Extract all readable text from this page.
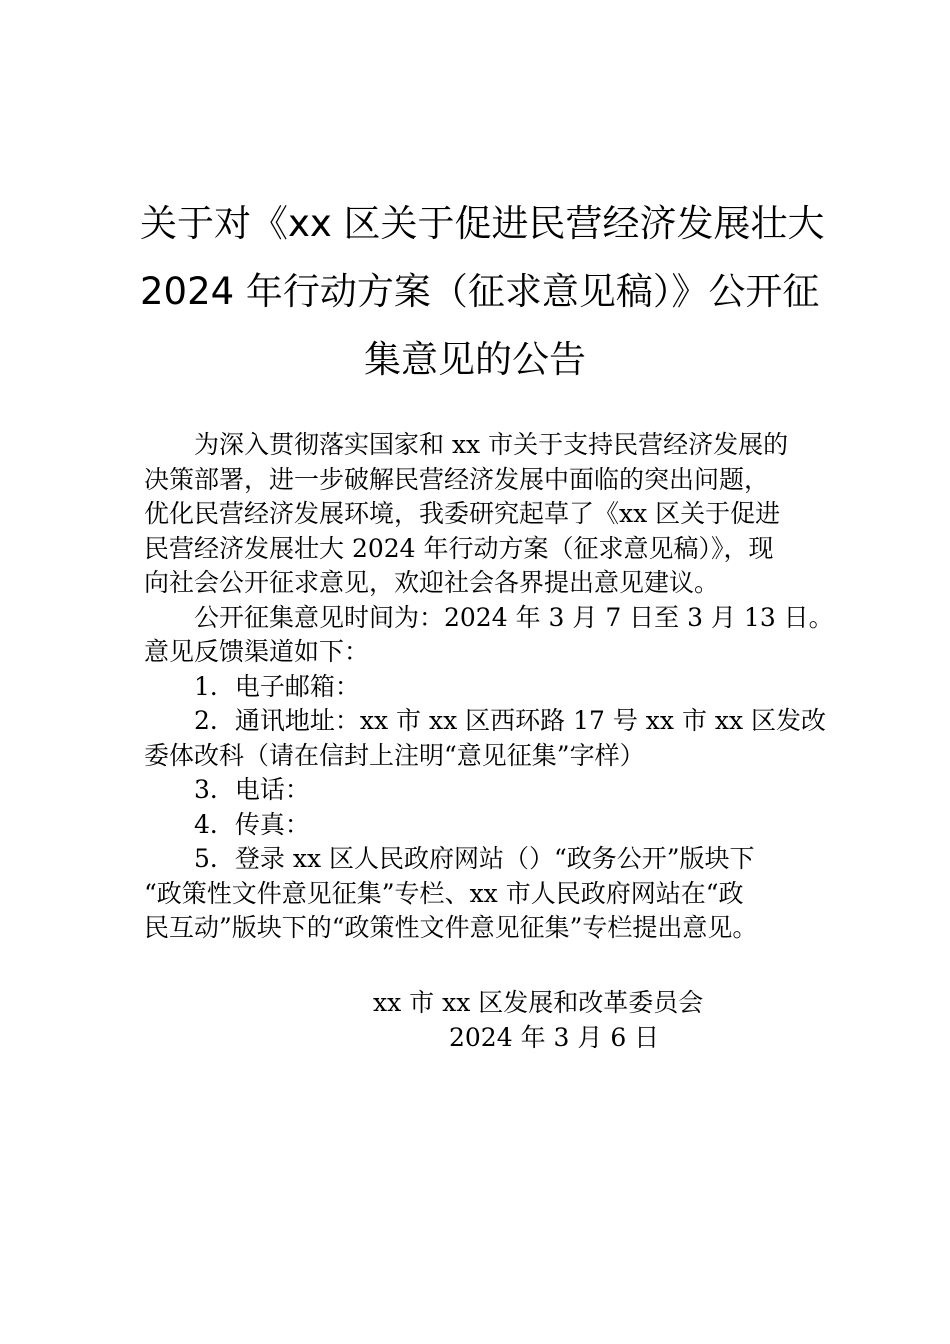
关于对《xx 区关于促进民营经济发展壮大
2024 年行动方案（征求意见稿）》公开征
集意见的公告

为深入贯彻落实国家和 xx 市关于支持民营经济发展的
决策部署，进一步破解民营经济发展中面临的突出问题，
优化民营经济发展环境，我委研究起草了《xx 区关于促进
民营经济发展壮大 2024 年行动方案（征求意见稿）》，现
向社会公开征求意见，欢迎社会各界提出意见建议。

公开征集意见时间为：2024 年 3 月 7 日至 3 月 13 日。
意见反馈渠道如下：

1．电子邮箱：

2．通讯地址：xx 市 xx 区西环路 17 号 xx 市 xx 区发改
委体改科（请在信封上注明“意见征集”字样）

3．电话：

4．传真：

5．登录 xx 区人民政府网站（）“政务公开”版块下
“政策性文件意见征集”专栏、xx 市人民政府网站在“政
民互动”版块下的“政策性文件意见征集”专栏提出意见。

xx 市 xx 区发展和改革委员会
2024 年 3 月 6 日
